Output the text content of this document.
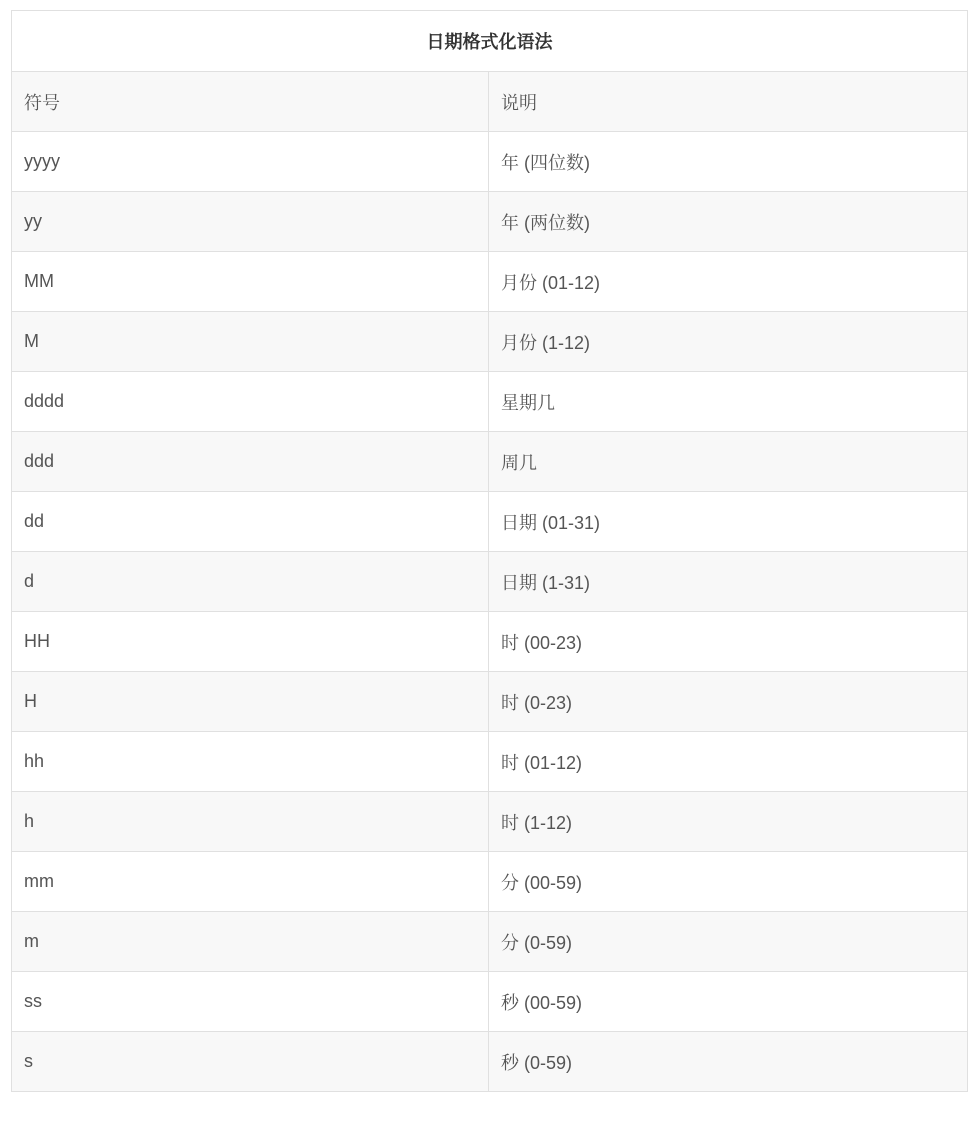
日期格式化语法	
符号	说明
yyyy	年 (四位数)
yy	年 (两位数)
MM	月份 (01-12)
M	月份 (1-12)
dddd	星期几
ddd	周几
dd	日期 (01-31)
d	日期 (1-31)
HH	时 (00-23)
H	时 (0-23)
hh	时 (01-12)
h	时 (1-12)
mm	分 (00-59)
m	分 (0-59)
ss	秒 (00-59)
s	秒 (0-59)
